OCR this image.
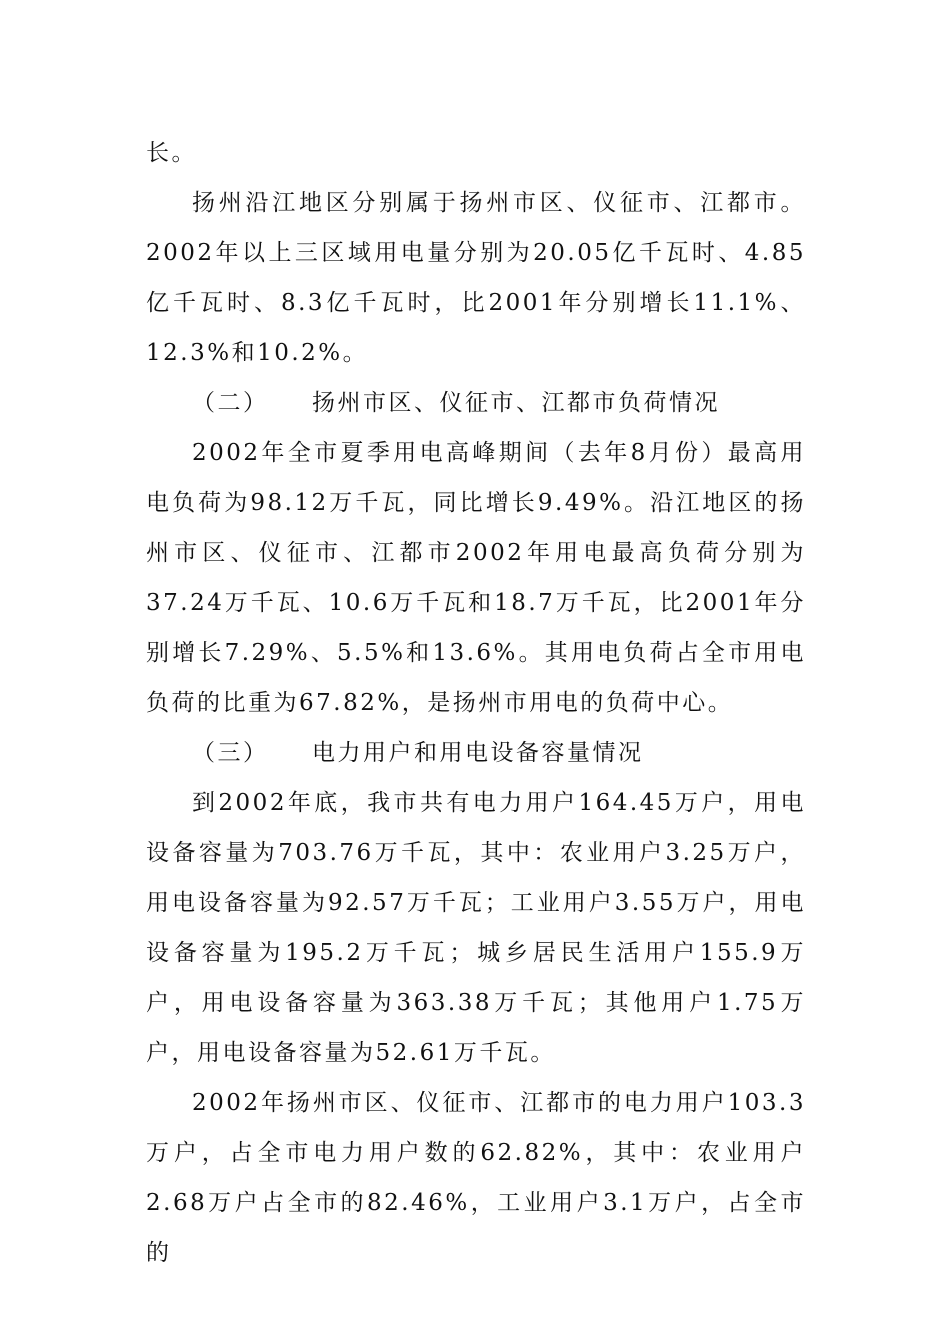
长。

扬州沿江地区分别属于扬州市区、仪征市、江都市。2002年以上三区域用电量分别为20.05亿千瓦时、4.85亿千瓦时、8.3亿千瓦时，比2001年分别增长11.1%、12.3%和10.2%。

（二） 扬州市区、仪征市、江都市负荷情况

2002年全市夏季用电高峰期间（去年8月份）最高用电负荷为98.12万千瓦，同比增长9.49%。沿江地区的扬州市区、仪征市、江都市2002年用电最高负荷分别为37.24万千瓦、10.6万千瓦和18.7万千瓦，比2001年分别增长7.29%、5.5%和13.6%。其用电负荷占全市用电负荷的比重为67.82%，是扬州市用电的负荷中心。

（三） 电力用户和用电设备容量情况

到2002年底，我市共有电力用户164.45万户，用电设备容量为703.76万千瓦，其中：农业用户3.25万户，用电设备容量为92.57万千瓦；工业用户3.55万户，用电设备容量为195.2万千瓦；城乡居民生活用户155.9万户，用电设备容量为363.38万千瓦；其他用户1.75万户，用电设备容量为52.61万千瓦。

2002年扬州市区、仪征市、江都市的电力用户103.3万户，占全市电力用户数的62.82%，其中：农业用户2.68万户占全市的82.46%，工业用户3.1万户，占全市的
